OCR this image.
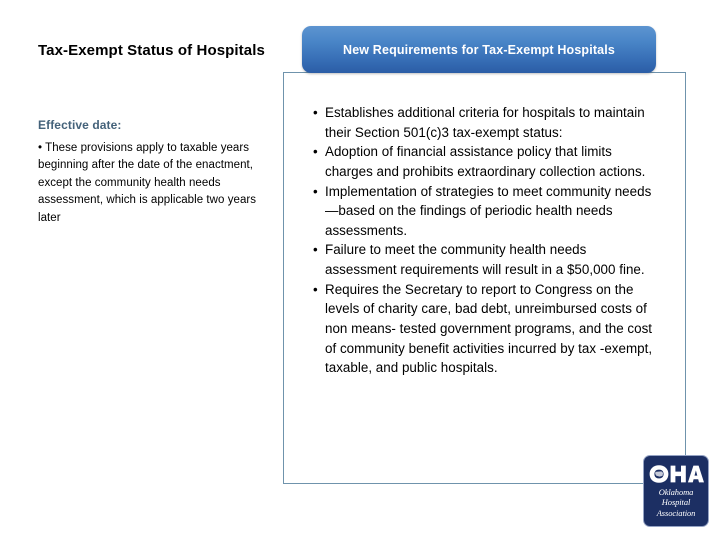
Tax-Exempt Status of Hospitals
Effective date:
• These provisions apply to taxable years beginning after the date of the enactment, except the community health needs assessment, which is applicable two years later
New Requirements for Tax-Exempt Hospitals
• Establishes additional criteria for hospitals to maintain their Section 501(c)3 tax-exempt status:
• Adoption of financial assistance policy that limits charges and prohibits extraordinary collection actions.
• Implementation of strategies to meet community needs—based on the findings of periodic health needs assessments.
• Failure to meet the community health needs assessment requirements will result in a $50,000 fine.
• Requires the Secretary to report to Congress on the levels of charity care, bad debt, unreimbursed costs of non means- tested government programs, and the cost of community benefit activities incurred by tax -exempt, taxable, and public hospitals.
Oklahoma
Hospital
Association
